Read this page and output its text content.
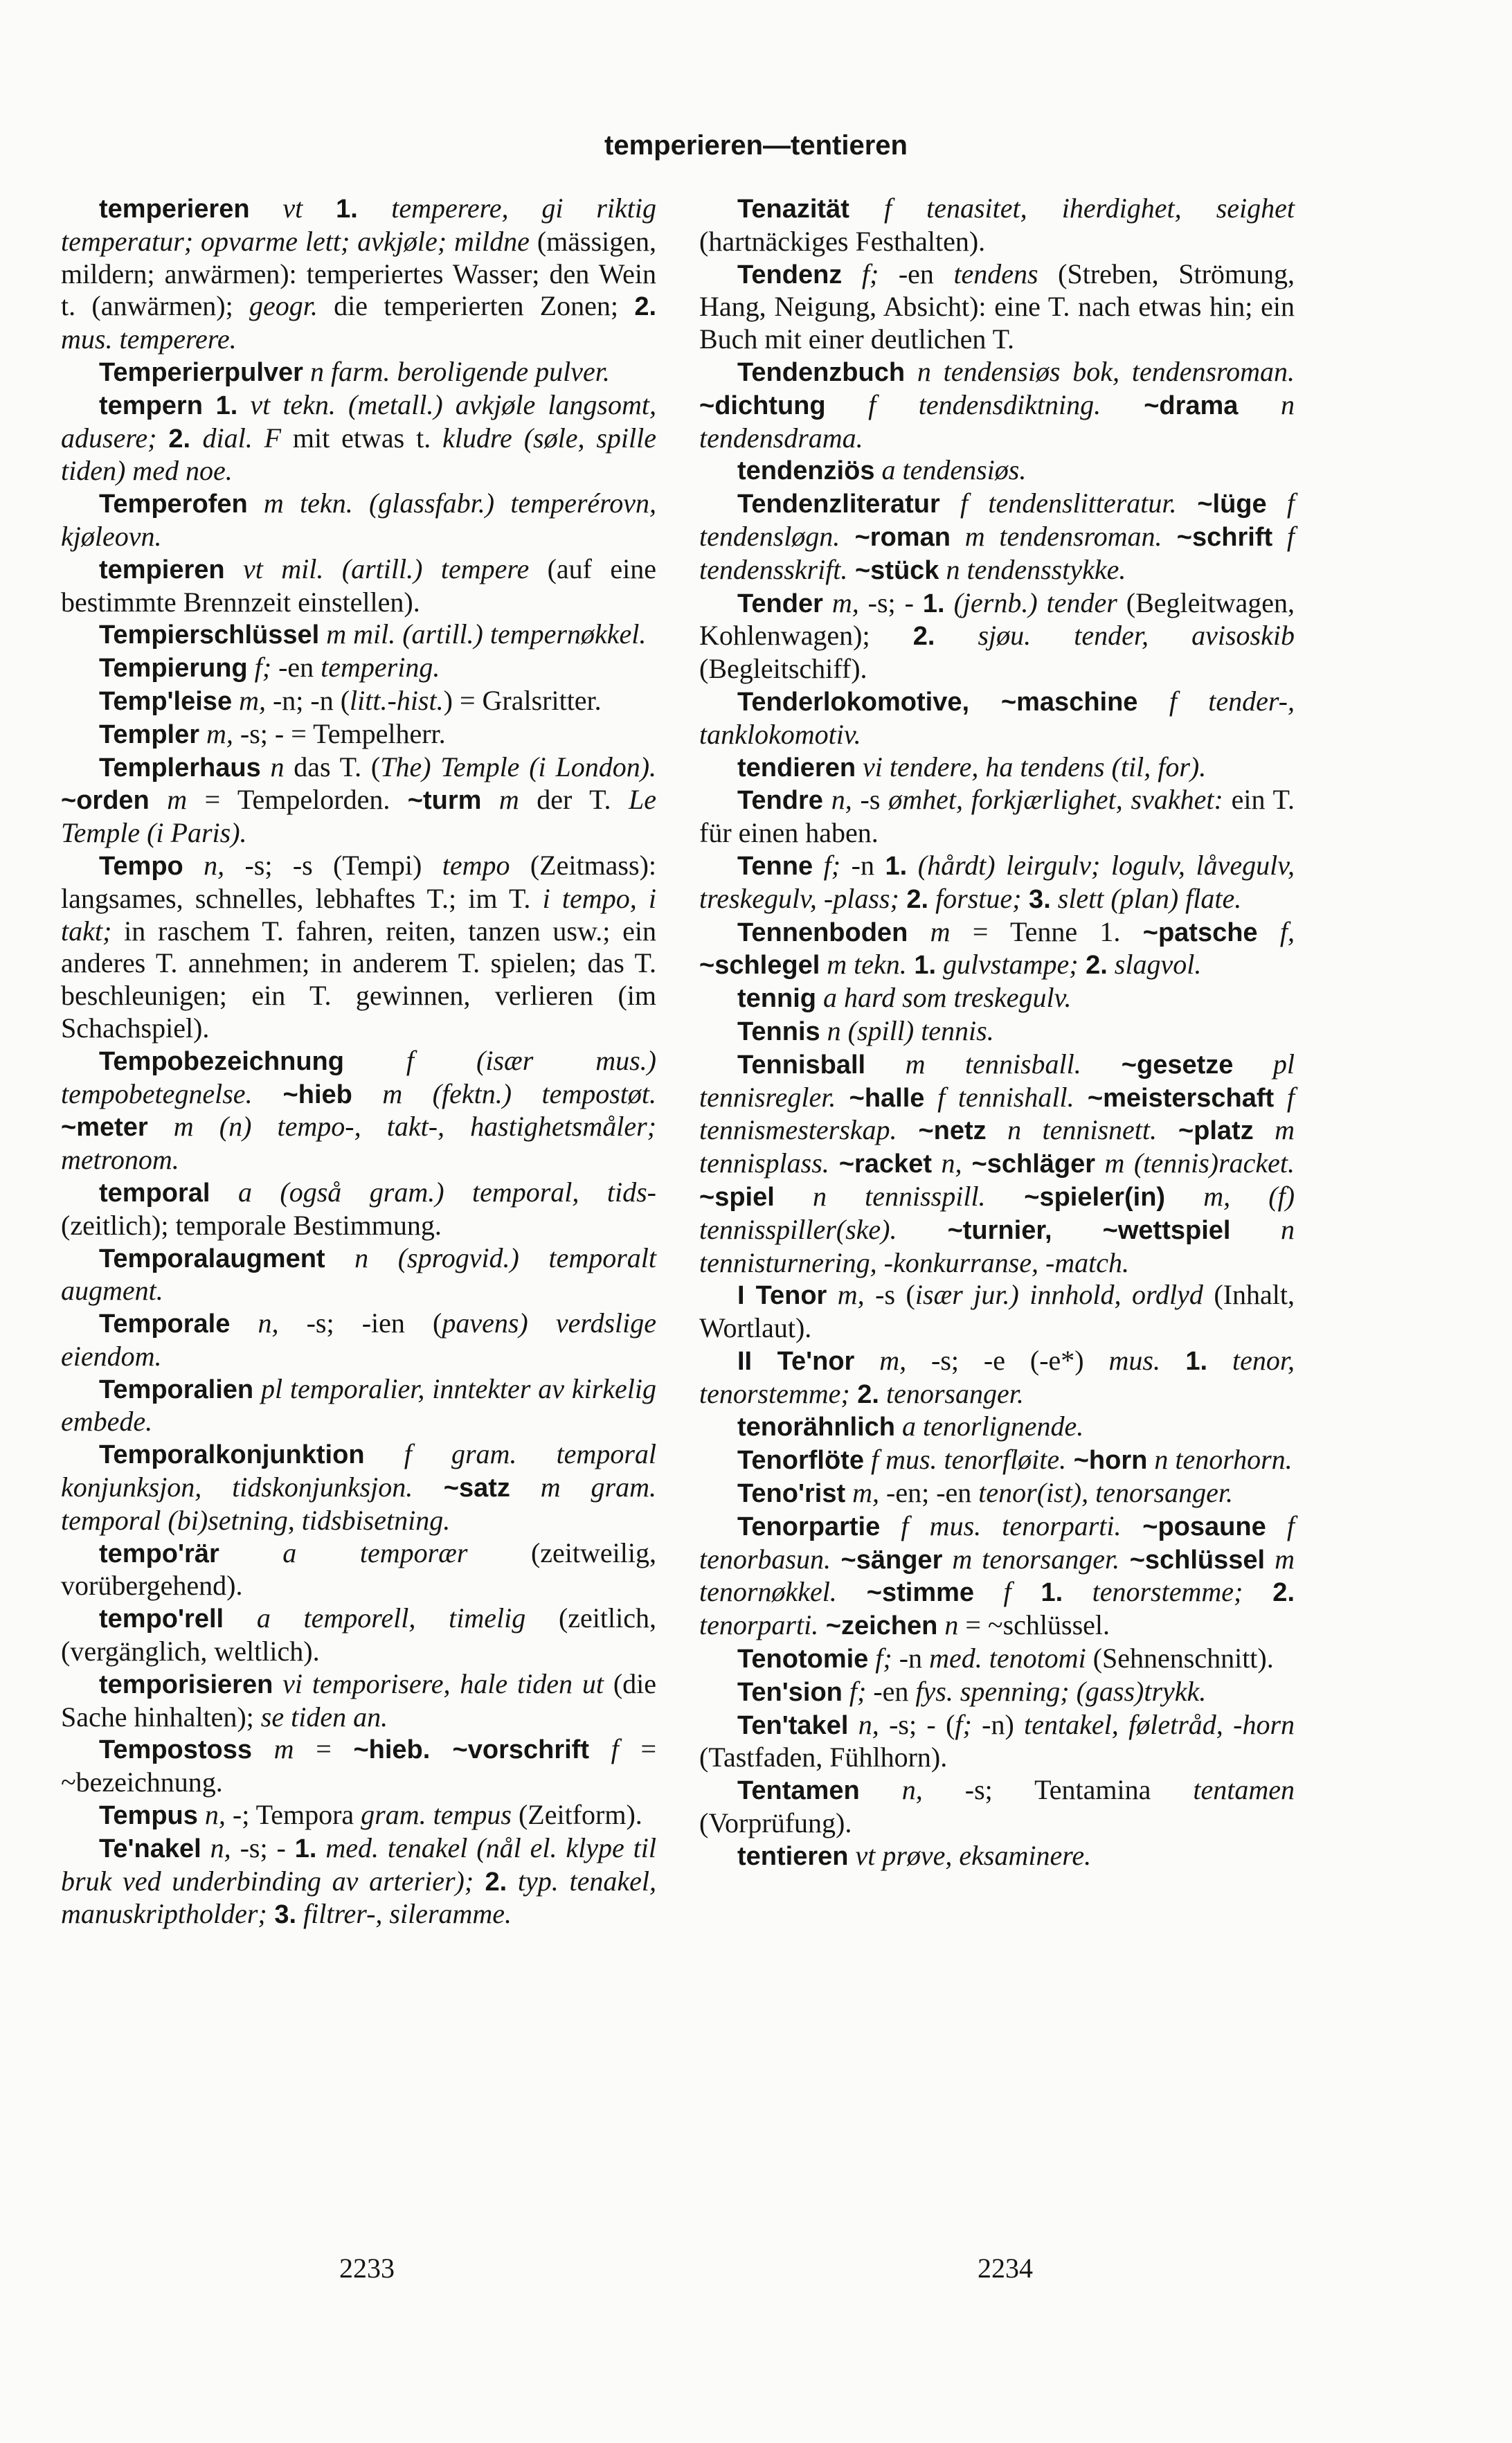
temperieren—tentieren

temperieren vt 1. temperere, gi riktig temperatur; opvarme lett; avkjøle; mildne (mässigen, mildern; anwärmen): temperiertes Wasser; den Wein t. (anwärmen); geogr. die temperierten Zonen; 2. mus. temperere.

Temperierpulver n farm. beroligende pulver.

tempern 1. vt tekn. (metall.) avkjøle langsomt, adusere; 2. dial. F mit etwas t. kludre (søle, spille tiden) med noe.

Temperofen m tekn. (glassfabr.) temperérovn, kjøleovn.

tempieren vt mil. (artill.) tempere (auf eine bestimmte Brennzeit einstellen).

Tempierschlüssel m mil. (artill.) tempernøkkel.

Tempierung f; -en tempering.

Temp'leise m, -n; -n (litt.-hist.) = Gralsritter.

Templer m, -s; - = Tempelherr.

Templerhaus n das T. (The) Temple (i London). ~orden m = Tempelorden. ~turm m der T. Le Temple (i Paris).

Tempo n, -s; -s (Tempi) tempo (Zeitmass): langsames, schnelles, lebhaftes T.; im T. i tempo, i takt; in raschem T. fahren, reiten, tanzen usw.; ein anderes T. annehmen; in anderem T. spielen; das T. beschleunigen; ein T. gewinnen, verlieren (im Schachspiel).

Tempobezeichnung f (især mus.) tempobetegnelse. ~hieb m (fektn.) tempostøt. ~meter m (n) tempo-, takt-, hastighetsmåler; metronom.

temporal a (også gram.) temporal, tids- (zeitlich); temporale Bestimmung.

Temporalaugment n (sprogvid.) temporalt augment.

Temporale n, -s; -ien (pavens) verdslige eiendom.

Temporalien pl temporalier, inntekter av kirkelig embede.

Temporalkonjunktion f gram. temporal konjunksjon, tidskonjunksjon. ~satz m gram. temporal (bi)setning, tidsbisetning.

tempo'rär a temporær (zeitweilig, vorübergehend).

tempo'rell a temporell, timelig (zeitlich, (vergänglich, weltlich).

temporisieren vi temporisere, hale tiden ut (die Sache hinhalten); se tiden an.

Tempostoss m = ~hieb. ~vorschrift f = ~bezeichnung.

Tempus n, -; Tempora gram. tempus (Zeitform).

Te'nakel n, -s; - 1. med. tenakel (nål el. klype til bruk ved underbinding av arterier); 2. typ. tenakel, manuskriptholder; 3. filtrer-, sileramme.

Tenazität f tenasitet, iherdighet, seighet (hartnäckiges Festhalten).

Tendenz f; -en tendens (Streben, Strömung, Hang, Neigung, Absicht): eine T. nach etwas hin; ein Buch mit einer deutlichen T.

Tendenzbuch n tendensiøs bok, tendensroman. ~dichtung f tendensdiktning. ~drama n tendensdrama.

tendenziös a tendensiøs.

Tendenzliteratur f tendenslitteratur. ~lüge f tendensløgn. ~roman m tendensroman. ~schrift f tendensskrift. ~stück n tendensstykke.

Tender m, -s; - 1. (jernb.) tender (Begleitwagen, Kohlenwagen); 2. sjøu. tender, avisoskib (Begleitschiff).

Tenderlokomotive, ~maschine f tender-, tanklokomotiv.

tendieren vi tendere, ha tendens (til, for).

Tendre n, -s ømhet, forkjærlighet, svakhet: ein T. für einen haben.

Tenne f; -n 1. (hårdt) leirgulv; logulv, låvegulv, treskegulv, -plass; 2. forstue; 3. slett (plan) flate.

Tennenboden m = Tenne 1. ~patsche f, ~schlegel m tekn. 1. gulvstampe; 2. slagvol.

tennig a hard som treskegulv.

Tennis n (spill) tennis.

Tennisball m tennisball. ~gesetze pl tennisregler. ~halle f tennishall. ~meisterschaft f tennismesterskap. ~netz n tennisnett. ~platz m tennisplass. ~racket n, ~schläger m (tennis)racket. ~spiel n tennisspill. ~spieler(in) m, (f) tennisspiller(ske). ~turnier, ~wettspiel n tennisturnering, -konkurranse, -match.

I Tenor m, -s (især jur.) innhold, ordlyd (Inhalt, Wortlaut).

II Te'nor m, -s; -e (-e*) mus. 1. tenor, tenorstemme; 2. tenorsanger.

tenorähnlich a tenorlignende.

Tenorflöte f mus. tenorfløite. ~horn n tenorhorn.

Teno'rist m, -en; -en tenor(ist), tenorsanger.

Tenorpartie f mus. tenorparti. ~posaune f tenorbasun. ~sänger m tenorsanger. ~schlüssel m tenornøkkel. ~stimme f 1. tenorstemme; 2. tenorparti. ~zeichen n = ~schlüssel.

Tenotomie f; -n med. tenotomi (Sehnenschnitt).

Ten'sion f; -en fys. spenning; (gass)trykk.

Ten'takel n, -s; - (f; -n) tentakel, føletråd, -horn (Tastfaden, Fühlhorn).

Tentamen n, -s; Tentamina tentamen (Vorprüfung).

tentieren vt prøve, eksaminere.

2233	2234
